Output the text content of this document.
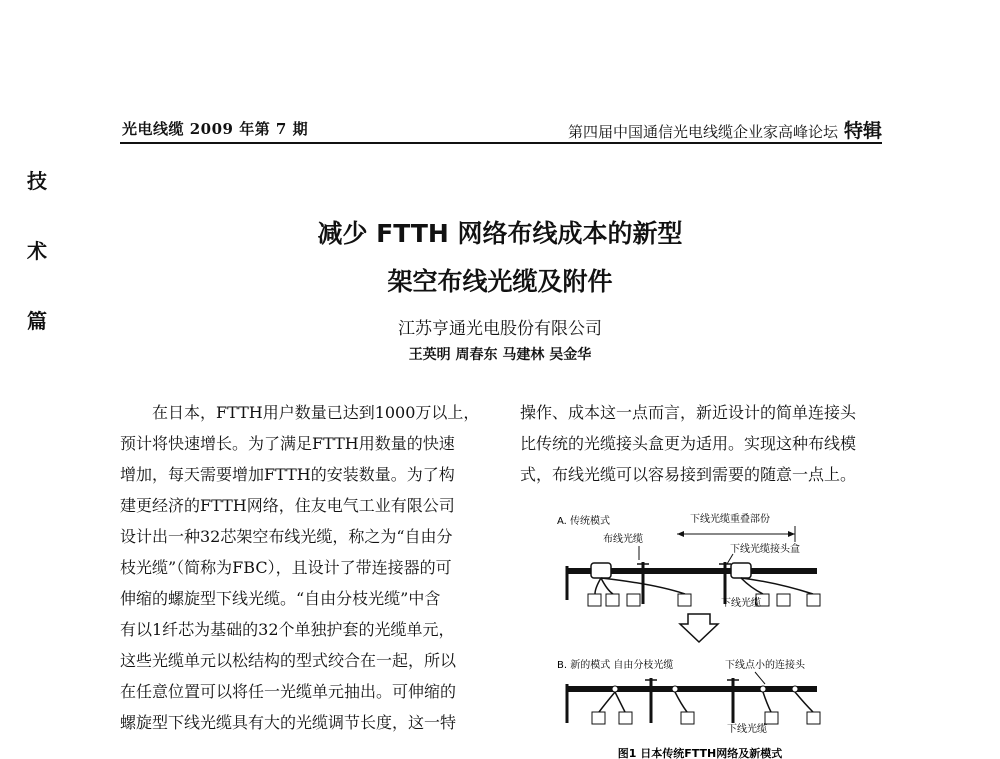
光电线缆 2009 年第 7 期	第四届中国通信光电线缆企业家高峰论坛 特辑
技
术
篇
减少 FTTH 网络布线成本的新型
架空布线光缆及附件
江苏亨通光电股份有限公司
王英明 周春东 马建林 吴金华
　　在日本，FTTH用户数量已达到1000万以上，
预计将快速增长。为了满足FTTH用数量的快速
增加，每天需要增加FTTH的安装数量。为了构
建更经济的FTTH网络，住友电气工业有限公司
设计出一种32芯架空布线光缆，称之为“自由分
枝光缆”（简称为FBC），且设计了带连接器的可
伸缩的螺旋型下线光缆。“自由分枝光缆”中含
有以1纤芯为基础的32个单独护套的光缆单元，
这些光缆单元以松结构的型式绞合在一起，所以
在任意位置可以将任一光缆单元抽出。可伸缩的
螺旋型下线光缆具有大的光缆调节长度，这一特
操作、成本这一点而言，新近设计的简单连接头
比传统的光缆接头盒更为适用。实现这种布线模
式，布线光缆可以容易接到需要的随意一点上。
A. 传统模式	下线光缆重叠部份
布线光缆
下线光缆接头盒
下线光缆
B. 新的模式 自由分枝光缆	下线点小的连接头
下线光缆
图1 日本传统FTTH网络及新模式
